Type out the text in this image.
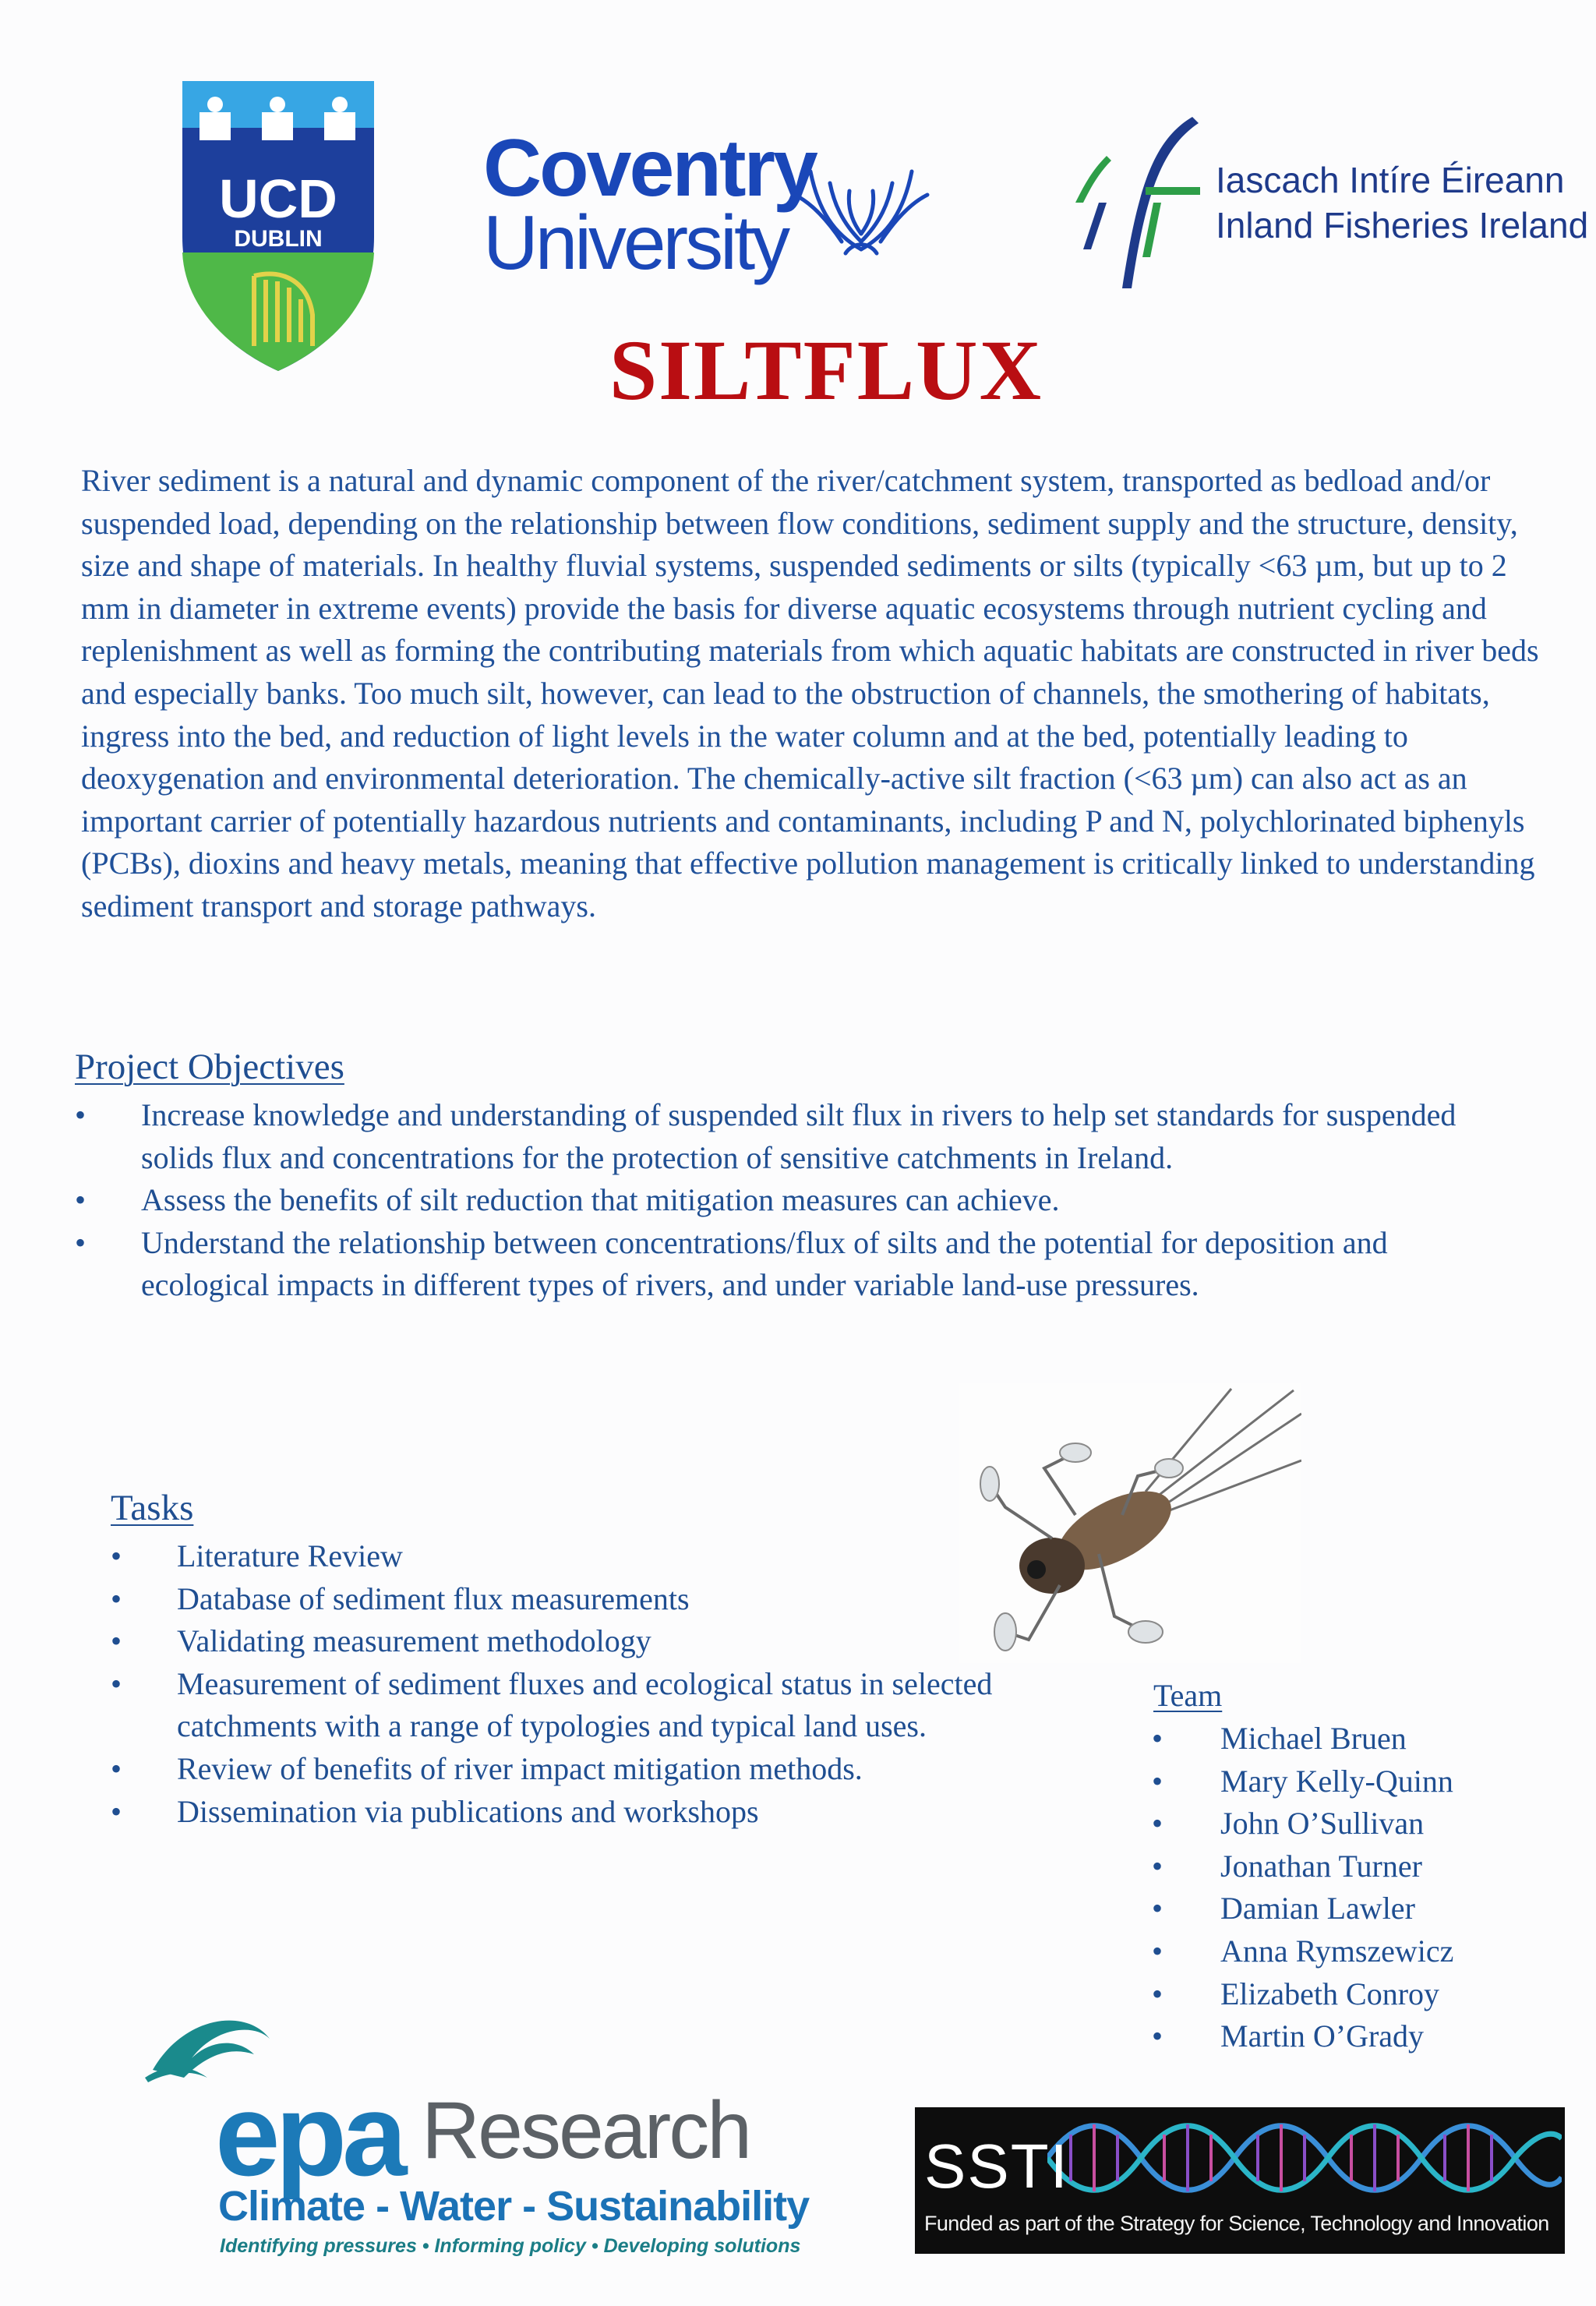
UCD
DUBLIN
Coventry
University
Iascach Intíre Éireann
Inland Fisheries Ireland
SILTFLUX
River sediment is a natural and dynamic component of the river/catchment system, transported as bedload and/or suspended load, depending on the relationship between flow conditions, sediment supply and the structure, density, size and shape of materials. In healthy fluvial systems, suspended sediments or silts (typically <63 µm, but up to 2 mm in diameter in extreme events) provide the basis for diverse aquatic ecosystems through nutrient cycling and replenishment as well as forming the contributing materials from which aquatic habitats are constructed in river beds and especially banks. Too much silt, however, can lead to the obstruction of channels, the smothering of habitats, ingress into the bed, and reduction of light levels in the water column and at the bed, potentially leading to deoxygenation and environmental deterioration. The chemically-active silt fraction (<63 µm) can also act as an important carrier of potentially hazardous nutrients and contaminants, including P and N, polychlorinated biphenyls (PCBs), dioxins and heavy metals, meaning that effective pollution management is critically linked to understanding sediment transport and storage pathways.
Project Objectives
• Increase knowledge and understanding of suspended silt flux in rivers to help set standards for suspended solids flux and concentrations for the protection of sensitive catchments in Ireland.
• Assess the benefits of silt reduction that mitigation measures can achieve.
• Understand the relationship between concentrations/flux of silts and the potential for deposition and ecological impacts in different types of rivers, and under variable land-use pressures.
Tasks
• Literature Review
• Database of sediment flux measurements
• Validating measurement methodology
• Measurement of sediment fluxes and ecological status in selected catchments with a range of typologies and typical land uses.
• Review of benefits of river impact mitigation methods.
• Dissemination via publications and workshops
Team
• Michael Bruen
• Mary Kelly-Quinn
• John O’Sullivan
• Jonathan Turner
• Damian Lawler
• Anna Rymszewicz
• Elizabeth Conroy
• Martin O’Grady
epa Research
Climate - Water - Sustainability
Identifying pressures • Informing policy • Developing solutions
SSTI
Funded as part of the Strategy for Science, Technology and Innovation
